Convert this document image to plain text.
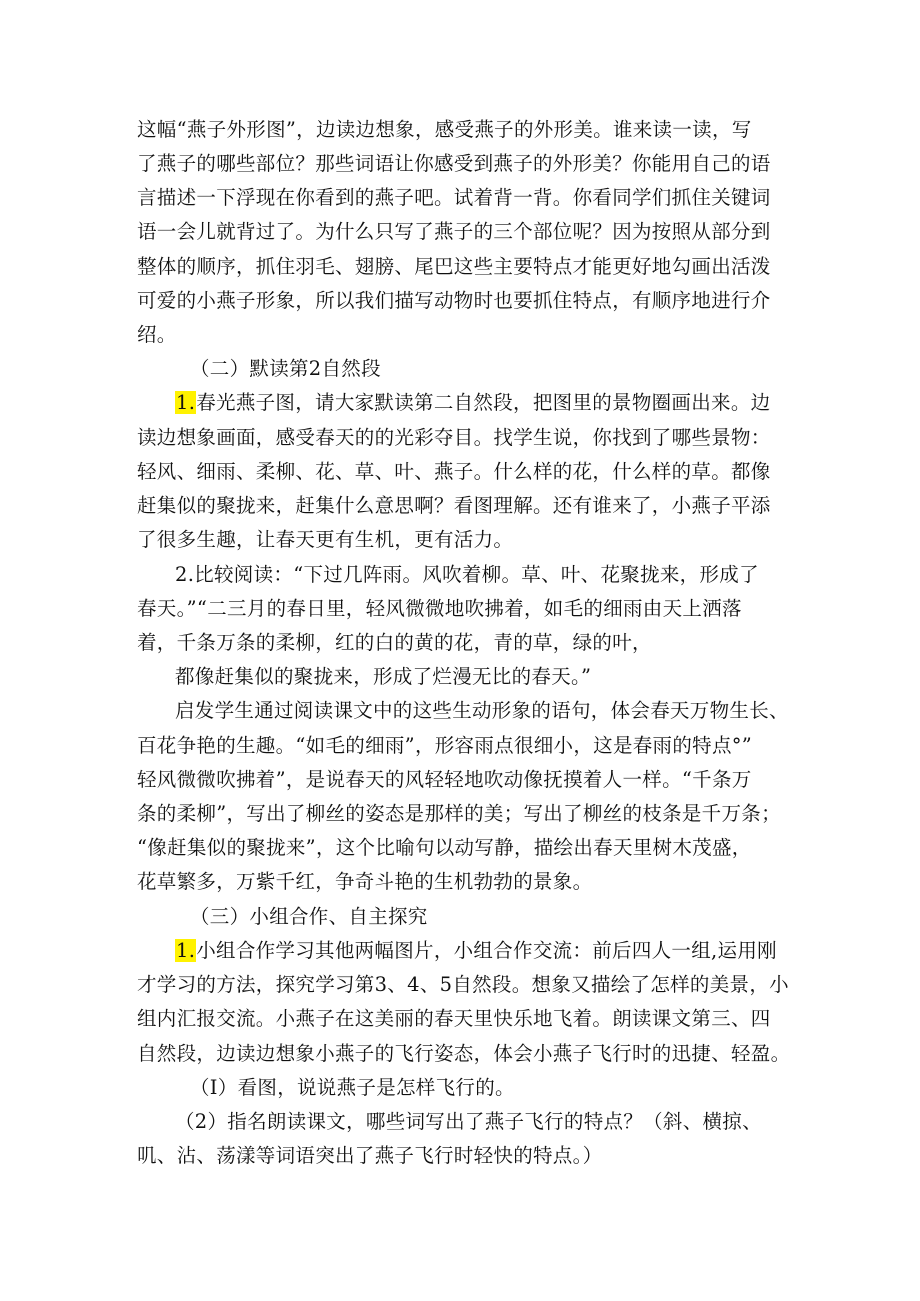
这幅“燕子外形图”，边读边想象，感受燕子的外形美。谁来读一读，写
了燕子的哪些部位？那些词语让你感受到燕子的外形美？你能用自己的语
言描述一下浮现在你看到的燕子吧。试着背一背。你看同学们抓住关键词
语一会儿就背过了。为什么只写了燕子的三个部位呢？因为按照从部分到
整体的顺序，抓住羽毛、翅膀、尾巴这些主要特点才能更好地勾画出活泼
可爱的小燕子形象，所以我们描写动物时也要抓住特点，有顺序地进行介
绍。
（二）默读第2自然段
1.春光燕子图，请大家默读第二自然段，把图里的景物圈画出来。边
读边想象画面，感受春天的的光彩夺目。找学生说，你找到了哪些景物：
轻风、细雨、柔柳、花、草、叶、燕子。什么样的花，什么样的草。都像
赶集似的聚拢来，赶集什么意思啊？看图理解。还有谁来了，小燕子平添
了很多生趣，让春天更有生机，更有活力。
2.比较阅读：“下过几阵雨。风吹着柳。草、叶、花聚拢来，形成了
春天。”“二三月的春日里，轻风微微地吹拂着，如毛的细雨由天上洒落
着，千条万条的柔柳，红的白的黄的花，青的草，绿的叶，
都像赶集似的聚拢来，形成了烂漫无比的春天。”
启发学生通过阅读课文中的这些生动形象的语句，体会春天万物生长、
百花争艳的生趣。“如毛的细雨”，形容雨点很细小，这是春雨的特点°”
轻风微微吹拂着”，是说春天的风轻轻地吹动像抚摸着人一样。“千条万
条的柔柳”，写出了柳丝的姿态是那样的美；写出了柳丝的枝条是千万条；
“像赶集似的聚拢来”，这个比喻句以动写静，描绘出春天里树木茂盛，
花草繁多，万紫千红，争奇斗艳的生机勃勃的景象。
（三）小组合作、自主探究
1.小组合作学习其他两幅图片，小组合作交流：前后四人一组,运用刚
才学习的方法，探究学习第3、4、5自然段。想象又描绘了怎样的美景，小
组内汇报交流。小燕子在这美丽的春天里快乐地飞着。朗读课文第三、四
自然段，边读边想象小燕子的飞行姿态，体会小燕子飞行时的迅捷、轻盈。
（I）看图，说说燕子是怎样飞行的。
（2）指名朗读课文，哪些词写出了燕子飞行的特点？（斜、横掠、
叽、沾、荡漾等词语突出了燕子飞行时轻快的特点。）
